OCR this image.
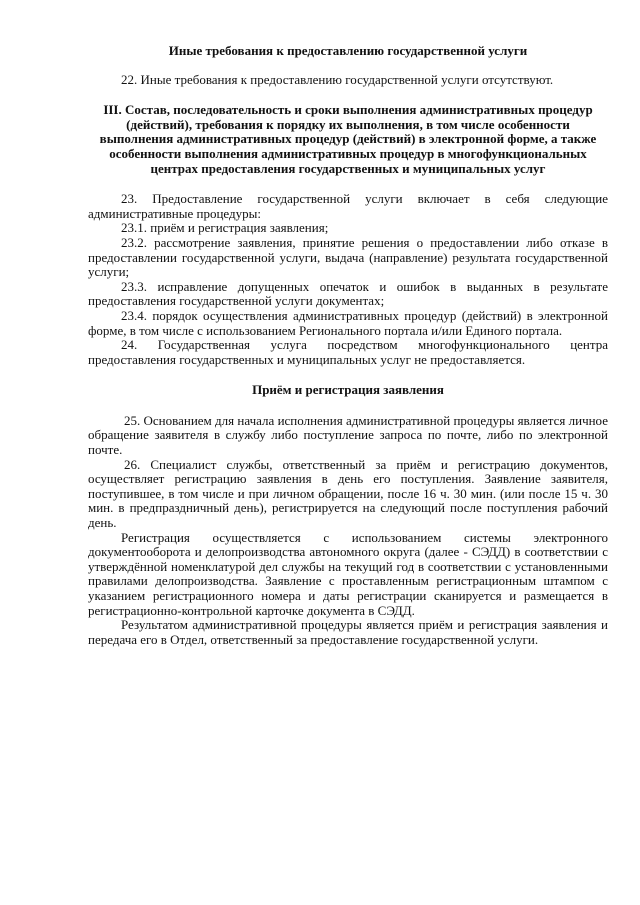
Иные требования к предоставлению государственной услуги

22. Иные требования к предоставлению государственной услуги отсутствуют.

III. Состав, последовательность и сроки выполнения административных процедур (действий), требования к порядку их выполнения, в том числе особенности выполнения административных процедур (действий) в электронной форме, а также особенности выполнения административных процедур в многофункциональных центрах предоставления государственных и муниципальных услуг

23. Предоставление государственной услуги включает в себя следующие административные процедуры:

23.1. приём и регистрация заявления;

23.2. рассмотрение заявления, принятие решения о предоставлении либо отказе в предоставлении государственной услуги, выдача (направление) результата государственной услуги;

23.3. исправление допущенных опечаток и ошибок в выданных в результате предоставления государственной услуги документах;

23.4. порядок осуществления административных процедур (действий) в электронной форме, в том числе с использованием Регионального портала и/или Единого портала.

24. Государственная услуга посредством многофункционального центра предоставления государственных и муниципальных услуг не предоставляется.

Приём и регистрация заявления

25. Основанием для начала исполнения административной процедуры является личное обращение заявителя в службу либо поступление запроса по почте, либо по электронной почте.

26. Специалист службы, ответственный за приём и регистрацию документов, осуществляет регистрацию заявления в день его поступления. Заявление заявителя, поступившее, в том числе и при личном обращении, после 16 ч. 30 мин. (или после 15 ч. 30 мин. в предпраздничный день), регистрируется на следующий после поступления рабочий день.

Регистрация осуществляется с использованием системы электронного документооборота и делопроизводства автономного округа (далее - СЭДД) в соответствии с утверждённой номенклатурой дел службы на текущий год в соответствии с установленными правилами делопроизводства. Заявление с проставленным регистрационным штампом с указанием регистрационного номера и даты регистрации сканируется и размещается в регистрационно-контрольной карточке документа в СЭДД.

Результатом административной процедуры является приём и регистрация заявления и передача его в Отдел, ответственный за предоставление государственной услуги.
